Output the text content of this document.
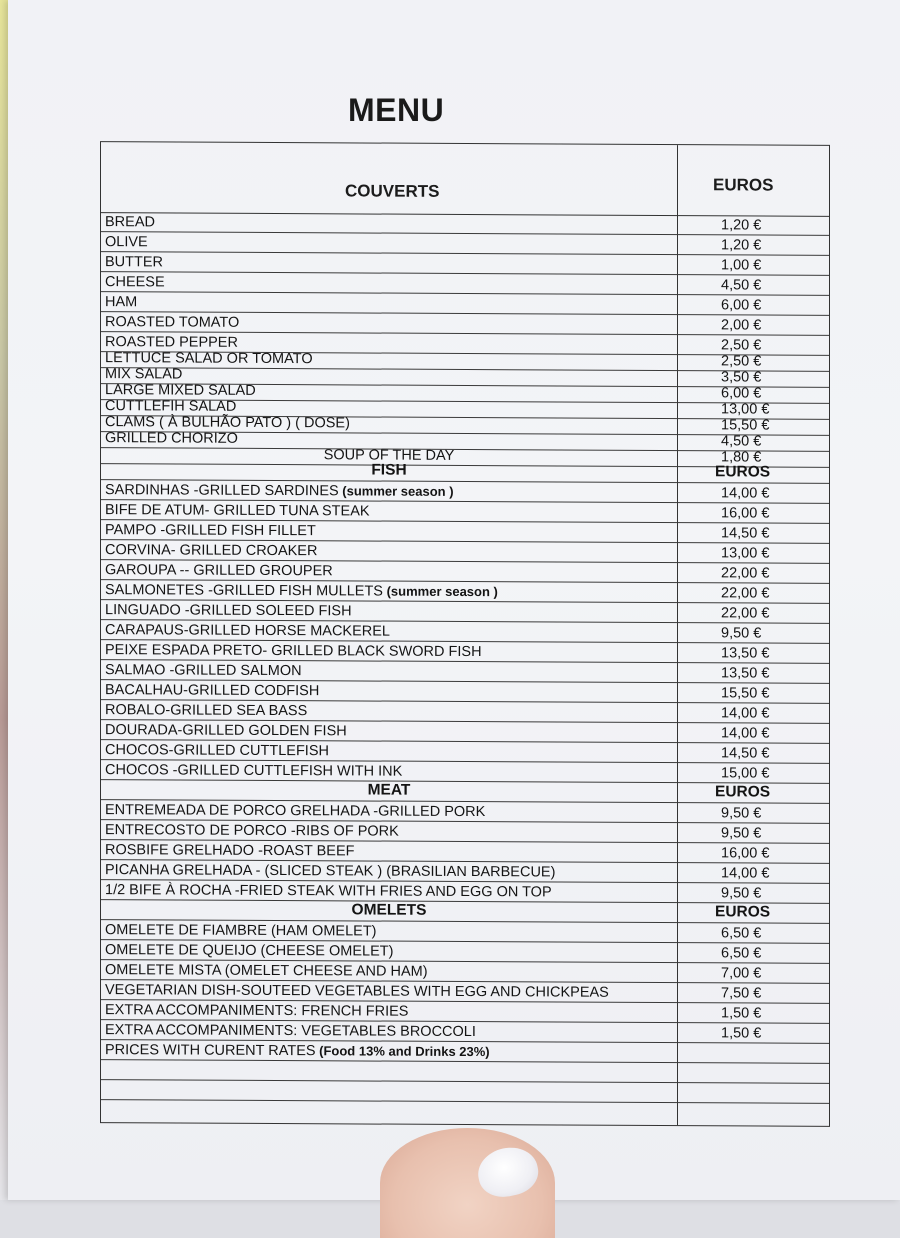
MENU
COUVERTS	EUROS
BREAD	1,20 €
OLIVE	1,20 €
BUTTER	1,00 €
CHEESE	4,50 €
HAM	6,00 €
ROASTED TOMATO	2,00 €
ROASTED PEPPER	2,50 €
LETTUCE SALAD OR TOMATO	2,50 €
MIX SALAD	3,50 €
LARGE MIXED SALAD	6,00 €
CUTTLEFIH SALAD	13,00 €
CLAMS ( À BULHÃO PATO ) ( DOSE)	15,50 €
GRILLED CHORIZO	4,50 €
SOUP OF THE DAY	1,80 €
FISH	EUROS
SARDINHAS -GRILLED SARDINES (summer season )	14,00 €
BIFE DE ATUM- GRILLED TUNA STEAK	16,00 €
PAMPO -GRILLED FISH FILLET	14,50 €
CORVINA- GRILLED CROAKER	13,00 €
GAROUPA -- GRILLED GROUPER	22,00 €
SALMONETES -GRILLED FISH MULLETS (summer season )	22,00 €
LINGUADO -GRILLED SOLEED FISH	22,00 €
CARAPAUS-GRILLED HORSE MACKEREL	9,50 €
PEIXE ESPADA PRETO- GRILLED BLACK SWORD FISH	13,50 €
SALMAO -GRILLED SALMON	13,50 €
BACALHAU-GRILLED CODFISH	15,50 €
ROBALO-GRILLED SEA BASS	14,00 €
DOURADA-GRILLED GOLDEN FISH	14,00 €
CHOCOS-GRILLED CUTTLEFISH	14,50 €
CHOCOS -GRILLED CUTTLEFISH WITH INK	15,00 €
MEAT	EUROS
ENTREMEADA DE PORCO GRELHADA -GRILLED PORK	9,50 €
ENTRECOSTO DE PORCO -RIBS OF PORK	9,50 €
ROSBIFE GRELHADO -ROAST BEEF	16,00 €
PICANHA GRELHADA - (SLICED STEAK ) (BRASILIAN BARBECUE)	14,00 €
1/2 BIFE À ROCHA -FRIED STEAK WITH FRIES AND EGG ON TOP	9,50 €
OMELETS	EUROS
OMELETE DE FIAMBRE (HAM OMELET)	6,50 €
OMELETE DE QUEIJO (CHEESE OMELET)	6,50 €
OMELETE MISTA (OMELET CHEESE AND HAM)	7,00 €
VEGETARIAN DISH-SOUTEED VEGETABLES WITH EGG AND CHICKPEAS	7,50 €
EXTRA ACCOMPANIMENTS: FRENCH FRIES	1,50 €
EXTRA ACCOMPANIMENTS: VEGETABLES BROCCOLI	1,50 €
PRICES WITH CURENT RATES (Food 13% and Drinks 23%)
